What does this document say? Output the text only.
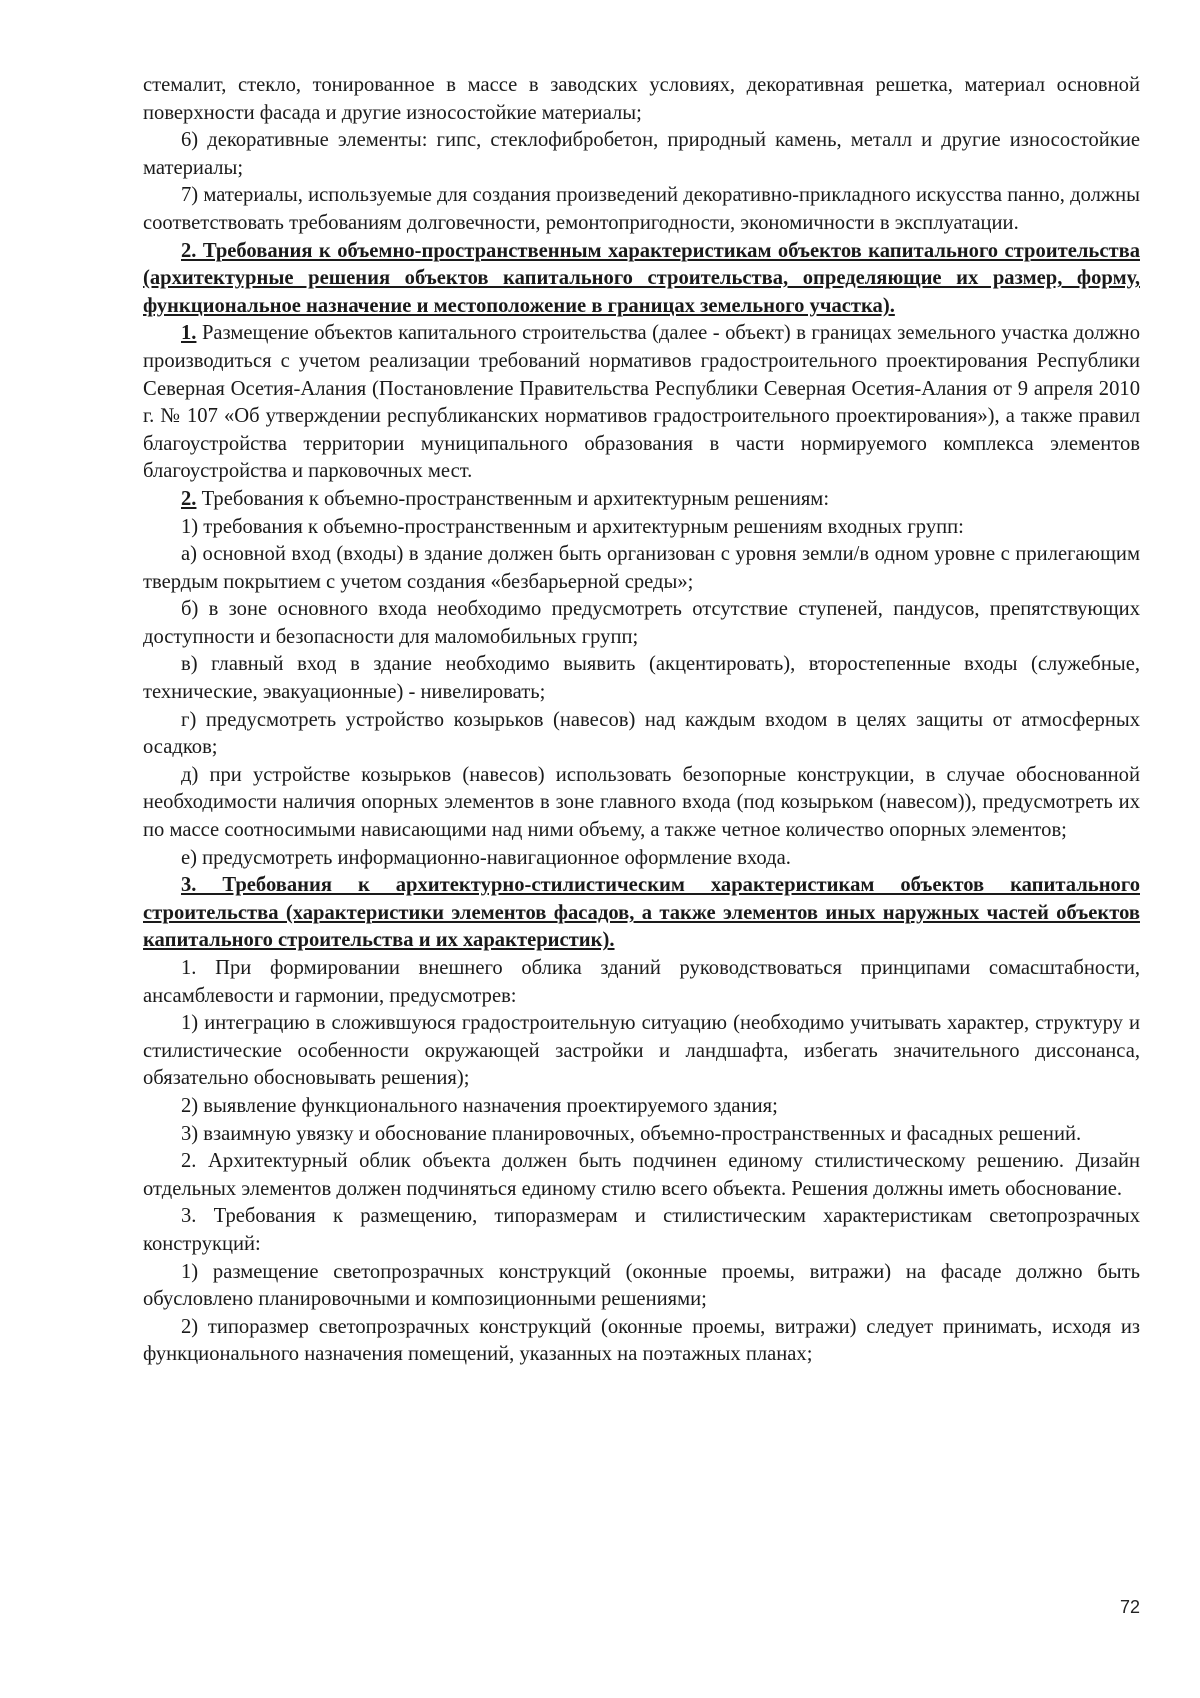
стемалит, стекло, тонированное в массе в заводских условиях, декоративная решетка, материал основной поверхности фасада и другие износостойкие материалы;

6) декоративные элементы: гипс, стеклофибробетон, природный камень, металл и другие износостойкие материалы;

7) материалы, используемые для создания произведений декоративно-прикладного искусства панно, должны соответствовать требованиям долговечности, ремонтопригодности, экономичности в эксплуатации.

2. Требования к объемно-пространственным характеристикам объектов капитального строительства (архитектурные решения объектов капитального строительства, определяющие их размер, форму, функциональное назначение и местоположение в границах земельного участка).

1. Размещение объектов капитального строительства (далее - объект) в границах земельного участка должно производиться с учетом реализации требований нормативов градостроительного проектирования Республики Северная Осетия-Алания (Постановление Правительства Республики Северная Осетия-Алания от 9 апреля 2010 г. № 107 «Об утверждении республиканских нормативов градостроительного проектирования»), а также правил благоустройства территории муниципального образования в части нормируемого комплекса элементов благоустройства и парковочных мест.

2. Требования к объемно-пространственным и архитектурным решениям:

1) требования к объемно-пространственным и архитектурным решениям входных групп:

а) основной вход (входы) в здание должен быть организован с уровня земли/в одном уровне с прилегающим твердым покрытием с учетом создания «безбарьерной среды»;

б) в зоне основного входа необходимо предусмотреть отсутствие ступеней, пандусов, препятствующих доступности и безопасности для маломобильных групп;

в) главный вход в здание необходимо выявить (акцентировать), второстепенные входы (служебные, технические, эвакуационные) - нивелировать;

г) предусмотреть устройство козырьков (навесов) над каждым входом в целях защиты от атмосферных осадков;

д) при устройстве козырьков (навесов) использовать безопорные конструкции, в случае обоснованной необходимости наличия опорных элементов в зоне главного входа (под козырьком (навесом)), предусмотреть их по массе соотносимыми нависающими над ними объему, а также четное количество опорных элементов;

е) предусмотреть информационно-навигационное оформление входа.

3. Требования к архитектурно-стилистическим характеристикам объектов капитального строительства (характеристики элементов фасадов, а также элементов иных наружных частей объектов капитального строительства и их характеристик).

1. При формировании внешнего облика зданий руководствоваться принципами сомасштабности, ансамблевости и гармонии, предусмотрев:

1) интеграцию в сложившуюся градостроительную ситуацию (необходимо учитывать характер, структуру и стилистические особенности окружающей застройки и ландшафта, избегать значительного диссонанса, обязательно обосновывать решения);

2) выявление функционального назначения проектируемого здания;

3) взаимную увязку и обоснование планировочных, объемно-пространственных и фасадных решений.

2. Архитектурный облик объекта должен быть подчинен единому стилистическому решению. Дизайн отдельных элементов должен подчиняться единому стилю всего объекта. Решения должны иметь обоснование.

3. Требования к размещению, типоразмерам и стилистическим характеристикам светопрозрачных конструкций:

1) размещение светопрозрачных конструкций (оконные проемы, витражи) на фасаде должно быть обусловлено планировочными и композиционными решениями;

2) типоразмер светопрозрачных конструкций (оконные проемы, витражи) следует принимать, исходя из функционального назначения помещений, указанных на поэтажных планах;

72
